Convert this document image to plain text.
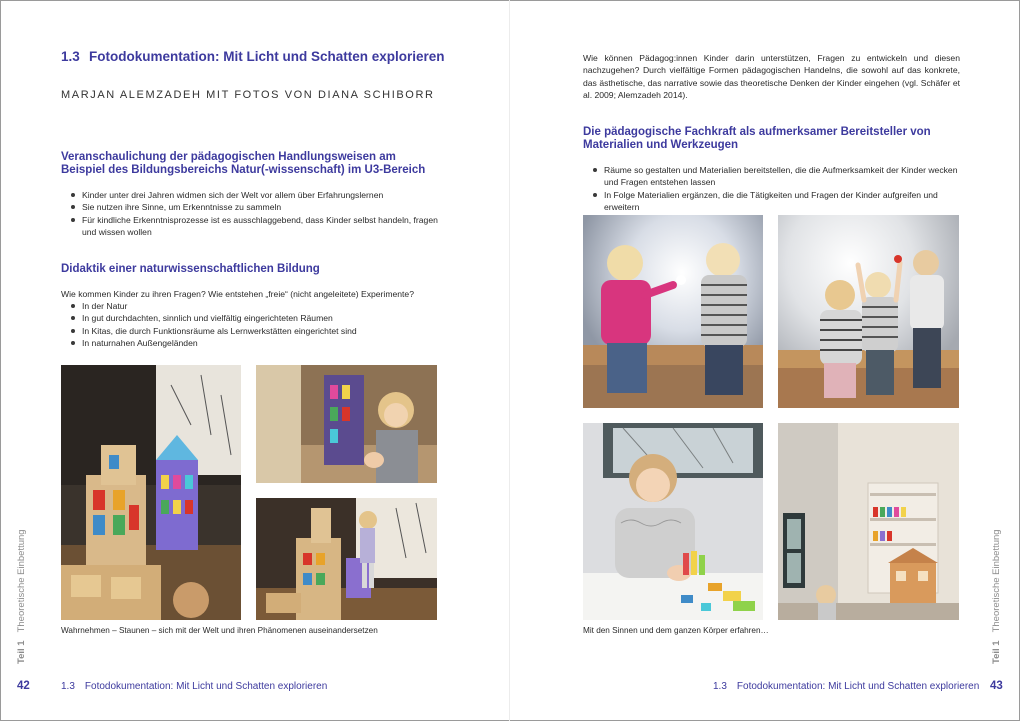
1.3 Fotodokumentation: Mit Licht und Schatten explorieren
MARJAN ALEMZADEH MIT FOTOS VON DIANA SCHIBORR
Veranschaulichung der pädagogischen Handlungsweisen am Beispiel des Bildungsbereichs Natur(-wissenschaft) im U3-Bereich
Kinder unter drei Jahren widmen sich der Welt vor allem über Erfahrungslernen
Sie nutzen ihre Sinne, um Erkenntnisse zu sammeln
Für kindliche Erkenntnisprozesse ist es ausschlaggebend, dass Kinder selbst handeln, fragen und wissen wollen
Didaktik einer naturwissenschaftlichen Bildung
Wie kommen Kinder zu ihren Fragen? Wie entstehen „freie“ (nicht angeleitete) Experimente?
In der Natur
In gut durchdachten, sinnlich und vielfältig eingerichteten Räumen
In Kitas, die durch Funktionsräume als Lernwerkstätten eingerichtet sind
In naturnahen Außengeländen
Wahrnehmen – Staunen – sich mit der Welt und ihren Phänomenen auseinandersetzen
Teil 1Theoretische Einbettung
42	1.3 Fotodokumentation: Mit Licht und Schatten explorieren
Wie können Pädagog:innen Kinder darin unterstützen, Fragen zu entwickeln und diesen nachzugehen? Durch vielfältige Formen pädagogischen Handelns, die sowohl auf das konkrete, das ästhetische, das narrative sowie das theoretische Denken der Kinder eingehen (vgl. Schäfer et al. 2009; Alemzadeh 2014).
Die pädagogische Fachkraft als aufmerksamer Bereitsteller von Materialien und Werkzeugen
Räume so gestalten und Materialien bereitstellen, die die Aufmerksamkeit der Kinder wecken und Fragen entstehen lassen
In Folge Materialien ergänzen, die die Tätigkeiten und Fragen der Kinder aufgreifen und erweitern
Mit den Sinnen und dem ganzen Körper erfahren…
Teil 1Theoretische Einbettung
1.3 Fotodokumentation: Mit Licht und Schatten explorieren 43
